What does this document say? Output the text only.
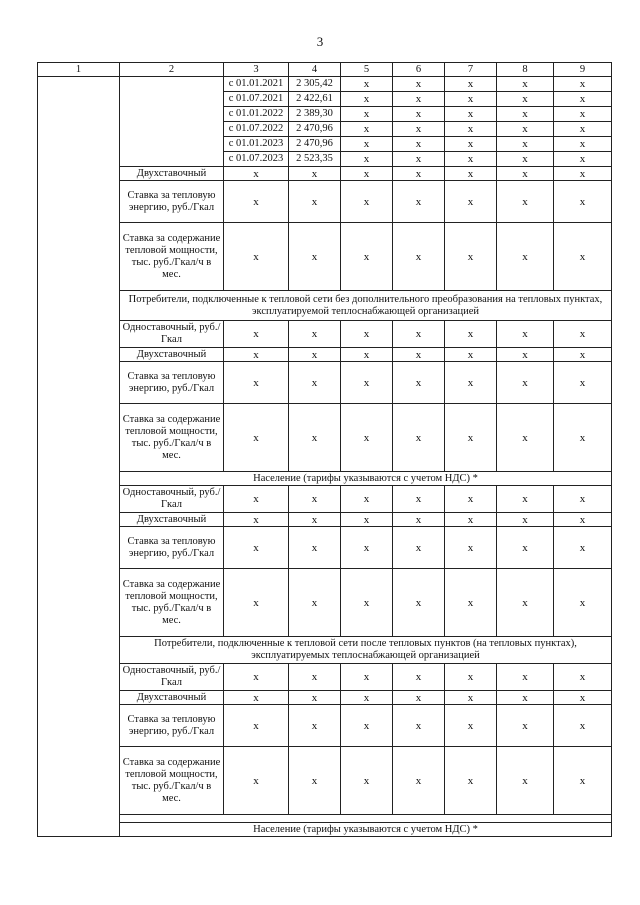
3
1	2	3	4	5	6	7	8	9
		с 01.01.2021	2 305,42	х	х	х	х	х
		с 01.07.2021	2 422,61	х	х	х	х	х
		с 01.01.2022	2 389,30	х	х	х	х	х
		с 01.07.2022	2 470,96	х	х	х	х	х
		с 01.01.2023	2 470,96	х	х	х	х	х
		с 01.07.2023	2 523,35	х	х	х	х	х
	Двухставочный	х	х	х	х	х	х	х
	Ставка за тепловую энергию, руб./Гкал	х	х	х	х	х	х	х
	Ставка за содержание тепловой мощности, тыс. руб./Гкал/ч в мес.	х	х	х	х	х	х	х
	Потребители, подключенные к тепловой сети без дополнительного преобразования на тепловых пунктах, эксплуатируемой теплоснабжающей организацией							
	Одноставочный, руб./Гкал	х	х	х	х	х	х	х
	Двухставочный	х	х	х	х	х	х	х
	Ставка за тепловую энергию, руб./Гкал	х	х	х	х	х	х	х
	Ставка за содержание тепловой мощности, тыс. руб./Гкал/ч в мес.	х	х	х	х	х	х	х
	Население (тарифы указываются с учетом НДС) *							
	Одноставочный, руб./Гкал	х	х	х	х	х	х	х
	Двухставочный	х	х	х	х	х	х	х
	Ставка за тепловую энергию, руб./Гкал	х	х	х	х	х	х	х
	Ставка за содержание тепловой мощности, тыс. руб./Гкал/ч в мес.	х	х	х	х	х	х	х
	Потребители, подключенные к тепловой сети после тепловых пунктов (на тепловых пунктах), эксплуатируемых теплоснабжающей организацией							
	Одноставочный, руб./Гкал	х	х	х	х	х	х	х
	Двухставочный	х	х	х	х	х	х	х
	Ставка за тепловую энергию, руб./Гкал	х	х	х	х	х	х	х
	Ставка за содержание тепловой мощности, тыс. руб./Гкал/ч в мес.	х	х	х	х	х	х	х

	Население (тарифы указываются с учетом НДС) *							
